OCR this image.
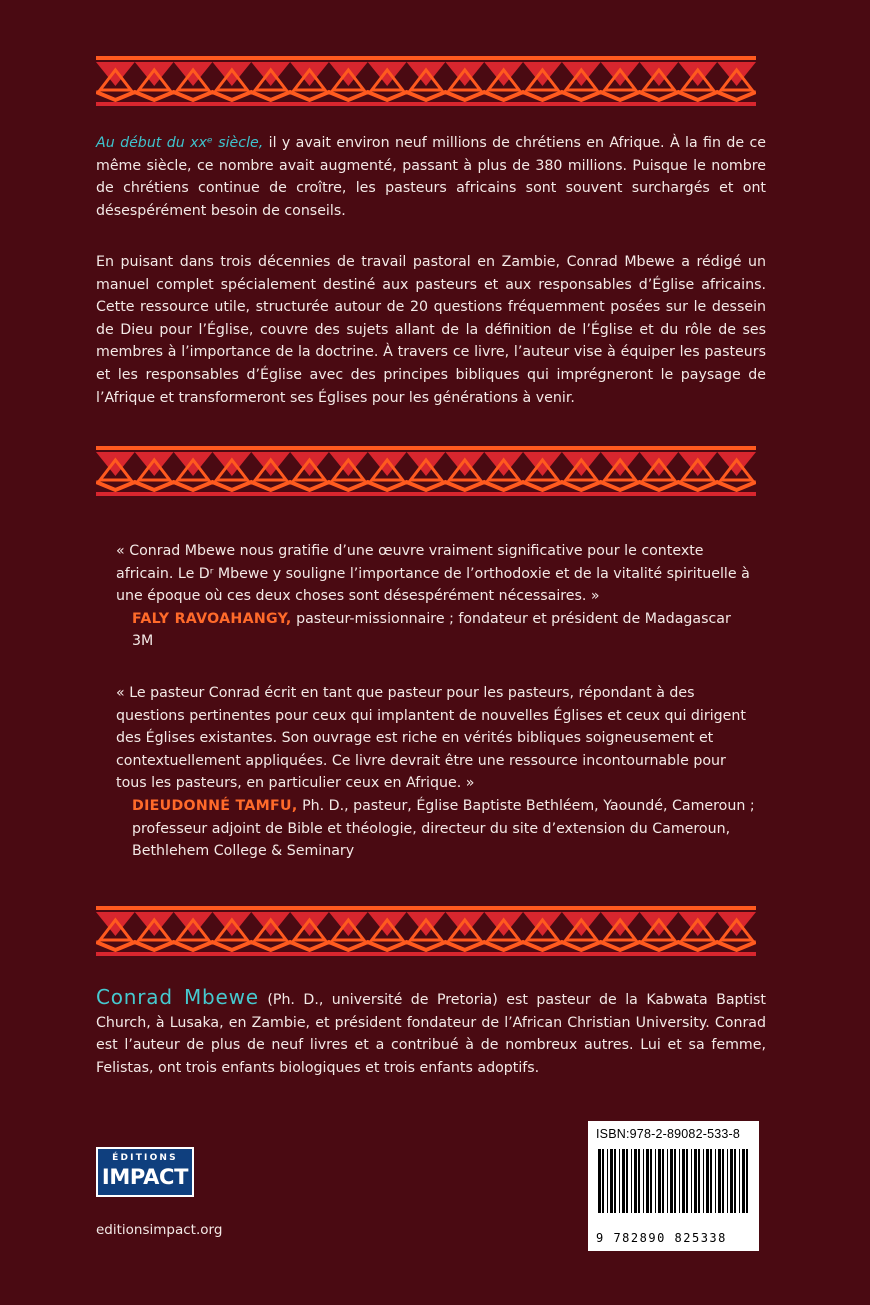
Au début du xxᵉ siècle, il y avait environ neuf millions de chrétiens en Afrique. À la fin de ce même siècle, ce nombre avait augmenté, passant à plus de 380 millions. Puisque le nombre de chrétiens continue de croître, les pasteurs africains sont souvent surchargés et ont désespérément besoin de conseils.

En puisant dans trois décennies de travail pastoral en Zambie, Conrad Mbewe a rédigé un manuel complet spécialement destiné aux pasteurs et aux responsables d’Église africains. Cette ressource utile, structurée autour de 20 questions fréquemment posées sur le dessein de Dieu pour l’Église, couvre des sujets allant de la définition de l’Église et du rôle de ses membres à l’importance de la doctrine. À travers ce livre, l’auteur vise à équiper les pasteurs et les responsables d’Église avec des principes bibliques qui imprégneront le paysage de l’Afrique et transformeront ses Églises pour les générations à venir.

« Conrad Mbewe nous gratifie d’une œuvre vraiment significative pour le contexte africain. Le Dʳ Mbewe y souligne l’importance de l’orthodoxie et de la vitalité spirituelle à une époque où ces deux choses sont désespérément nécessaires. »
FALY RAVOAHANGY, pasteur-missionnaire ; fondateur et président de Madagascar 3M

« Le pasteur Conrad écrit en tant que pasteur pour les pasteurs, répondant à des questions pertinentes pour ceux qui implantent de nouvelles Églises et ceux qui dirigent des Églises existantes. Son ouvrage est riche en vérités bibliques soigneusement et contextuellement appliquées. Ce livre devrait être une ressource incontournable pour tous les pasteurs, en particulier ceux en Afrique. »
DIEUDONNÉ TAMFU, Ph. D., pasteur, Église Baptiste Bethléem, Yaoundé, Cameroun ; professeur adjoint de Bible et théologie, directeur du site d’extension du Cameroun, Bethlehem College & Seminary

Conrad Mbewe (Ph. D., université de Pretoria) est pasteur de la Kabwata Baptist Church, à Lusaka, en Zambie, et président fondateur de l’African Christian University. Conrad est l’auteur de plus de neuf livres et a contribué à de nombreux autres. Lui et sa femme, Felistas, ont trois enfants biologiques et trois enfants adoptifs.

ÉDITIONS
IMPACT
editionsimpact.org
ISBN:978-2-89082-533-8
9 782890 825338
